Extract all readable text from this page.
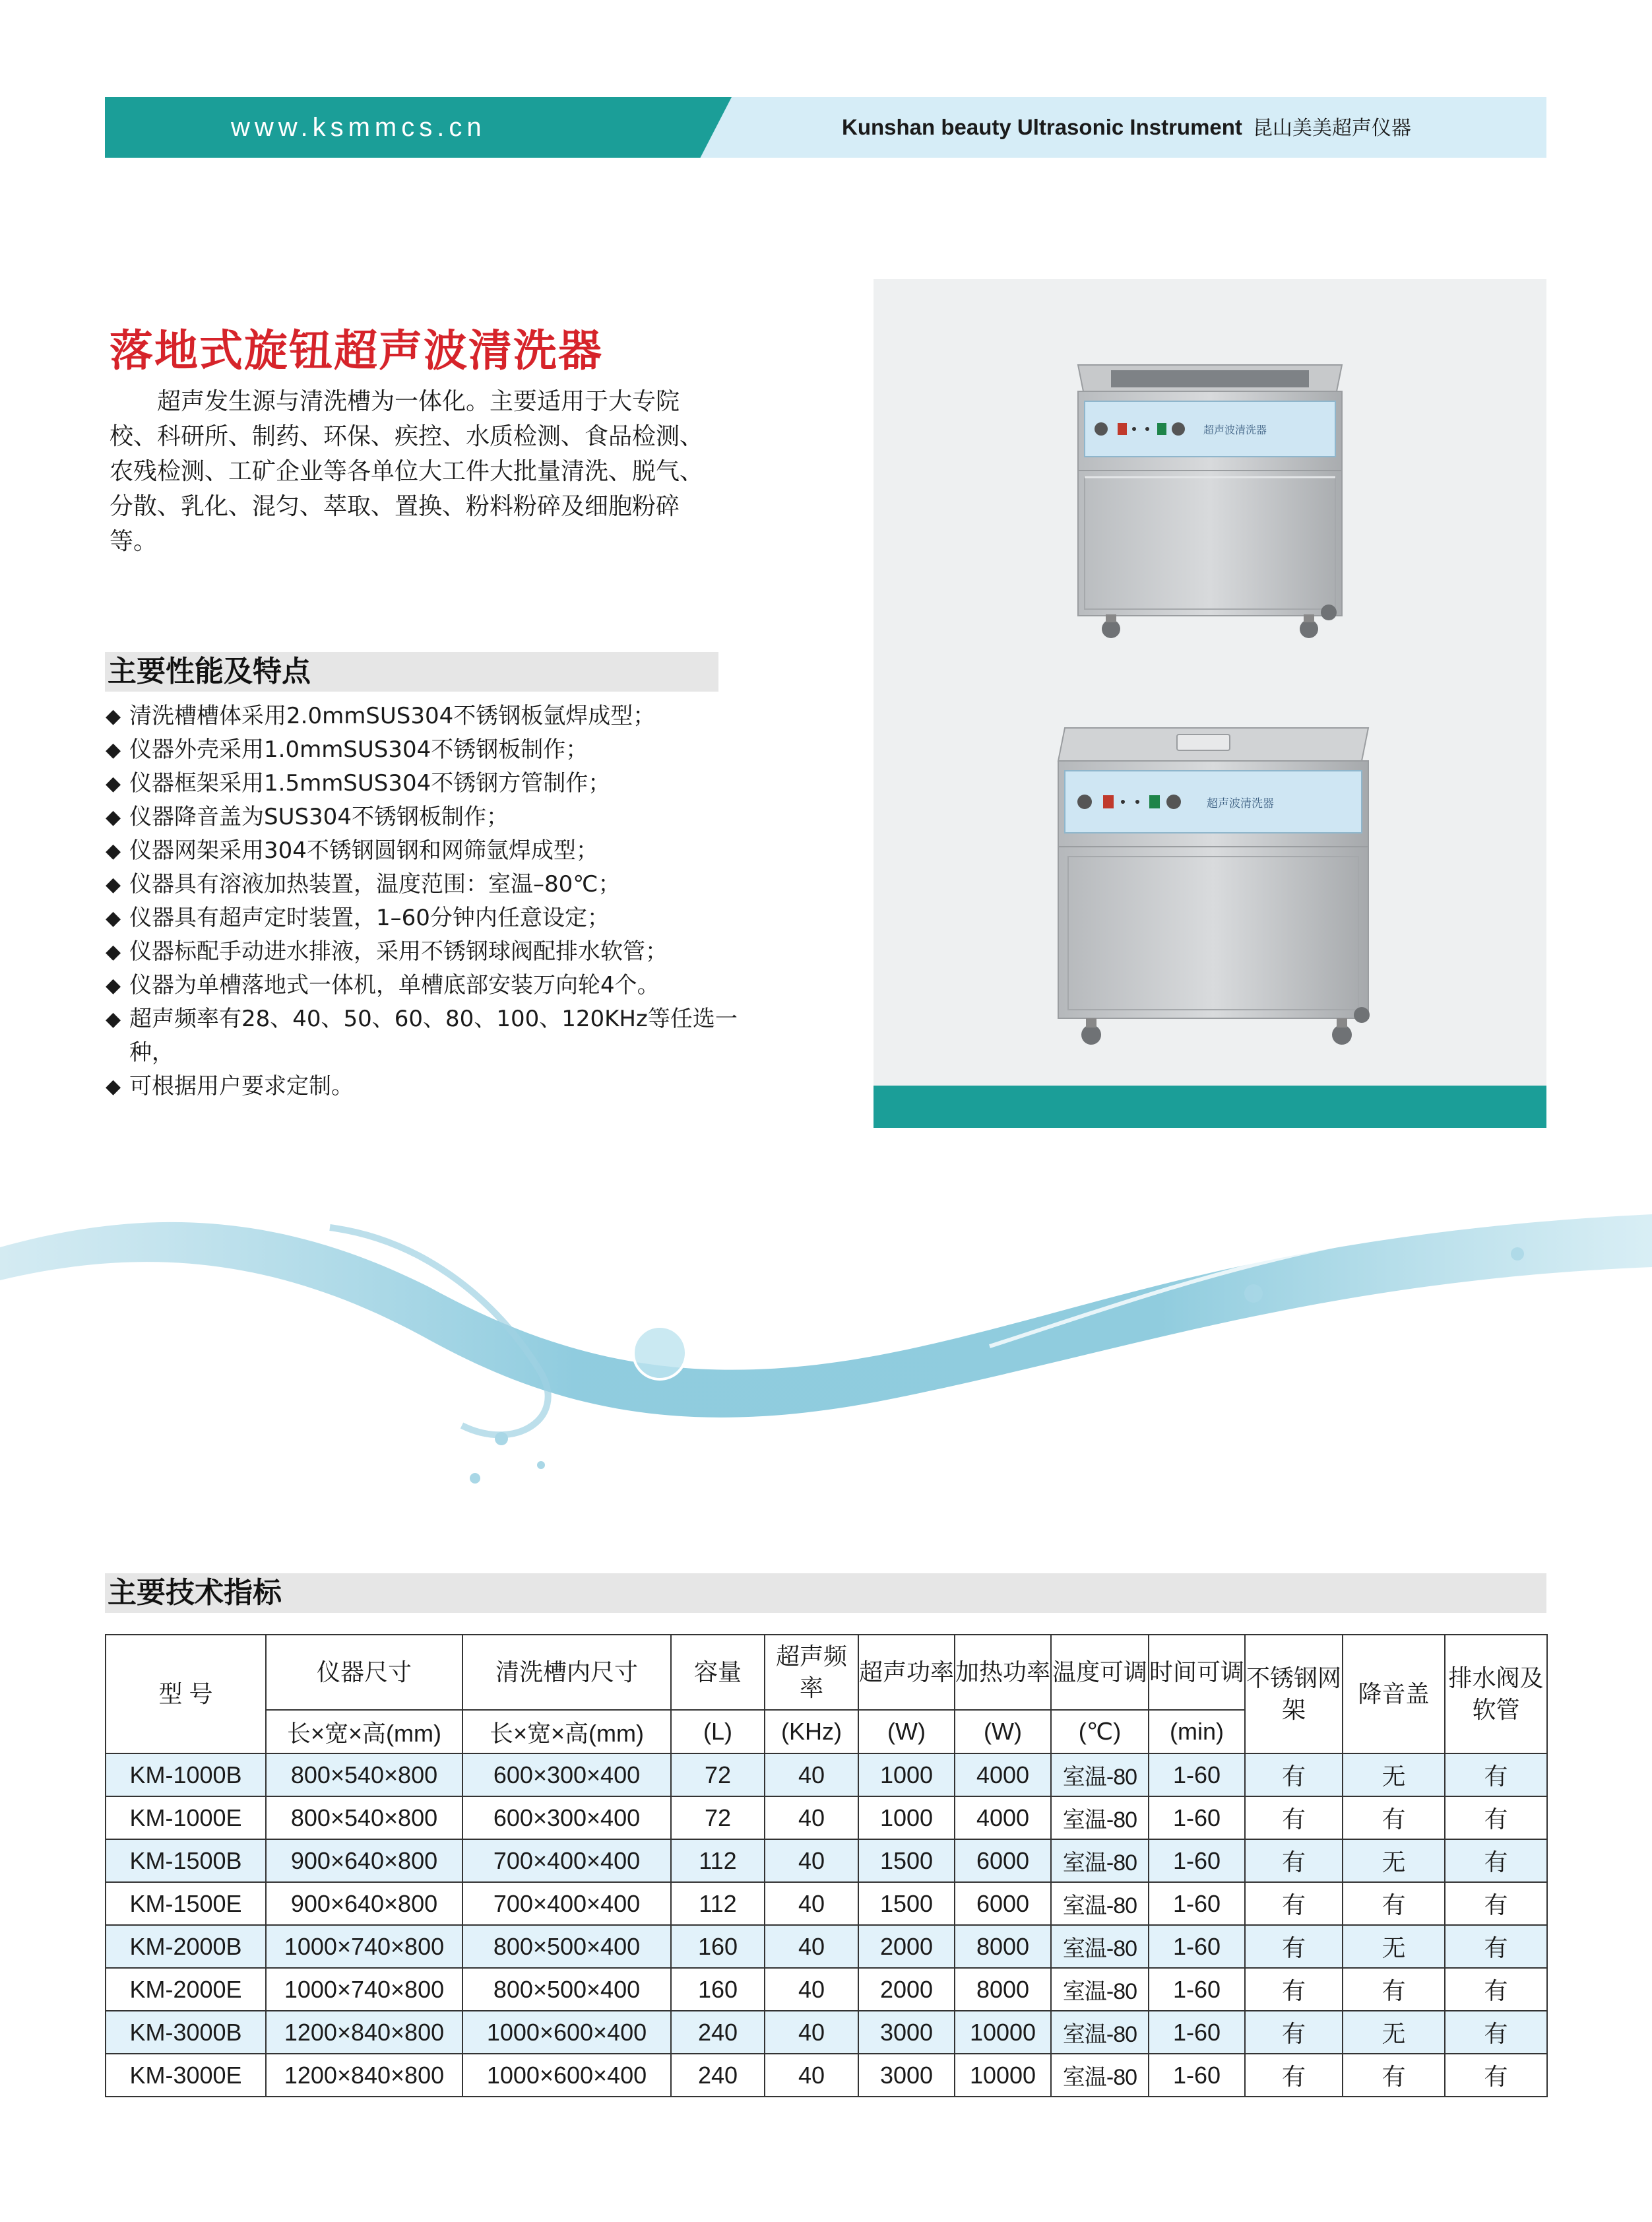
www.ksmmcs.cn	Kunshan beauty Ultrasonic Instrument 昆山美美超声仪器
落地式旋钮超声波清洗器
超声发生源与清洗槽为一体化。主要适用于大专院校、科研所、制药、环保、疾控、水质检测、食品检测、农残检测、工矿企业等各单位大工件大批量清洗、脱气、分散、乳化、混匀、萃取、置换、粉料粉碎及细胞粉碎等。
主要性能及特点
◆ 清洗槽槽体采用2.0mmSUS304不锈钢板氩焊成型；
◆ 仪器外壳采用1.0mmSUS304不锈钢板制作；
◆ 仪器框架采用1.5mmSUS304不锈钢方管制作；
◆ 仪器降音盖为SUS304不锈钢板制作；
◆ 仪器网架采用304不锈钢圆钢和网筛氩焊成型；
◆ 仪器具有溶液加热装置，温度范围：室温–80℃；
◆ 仪器具有超声定时装置，1–60分钟内任意设定；
◆ 仪器标配手动进水排液，采用不锈钢球阀配排水软管；
◆ 仪器为单槽落地式一体机，单槽底部安装万向轮4个。
◆ 超声频率有28、40、50、60、80、100、120KHz等任选一种，
◆ 可根据用户要求定制。
超声波清洗器
超声波清洗器
主要技术指标
型 号	仪器尺寸	清洗槽内尺寸	容量	超声频率	超声功率	加热功率	温度可调	时间可调	不锈钢网架	降音盖	排水阀及软管
	长×宽×高(mm)	长×宽×高(mm)	(L)	(KHz)	(W)	(W)	(℃)	(min)			
KM-1000B	800×540×800	600×300×400	72	40	1000	4000	室温-80	1-60	有	无	有
KM-1000E	800×540×800	600×300×400	72	40	1000	4000	室温-80	1-60	有	有	有
KM-1500B	900×640×800	700×400×400	112	40	1500	6000	室温-80	1-60	有	无	有
KM-1500E	900×640×800	700×400×400	112	40	1500	6000	室温-80	1-60	有	有	有
KM-2000B	1000×740×800	800×500×400	160	40	2000	8000	室温-80	1-60	有	无	有
KM-2000E	1000×740×800	800×500×400	160	40	2000	8000	室温-80	1-60	有	有	有
KM-3000B	1200×840×800	1000×600×400	240	40	3000	10000	室温-80	1-60	有	无	有
KM-3000E	1200×840×800	1000×600×400	240	40	3000	10000	室温-80	1-60	有	有	有
